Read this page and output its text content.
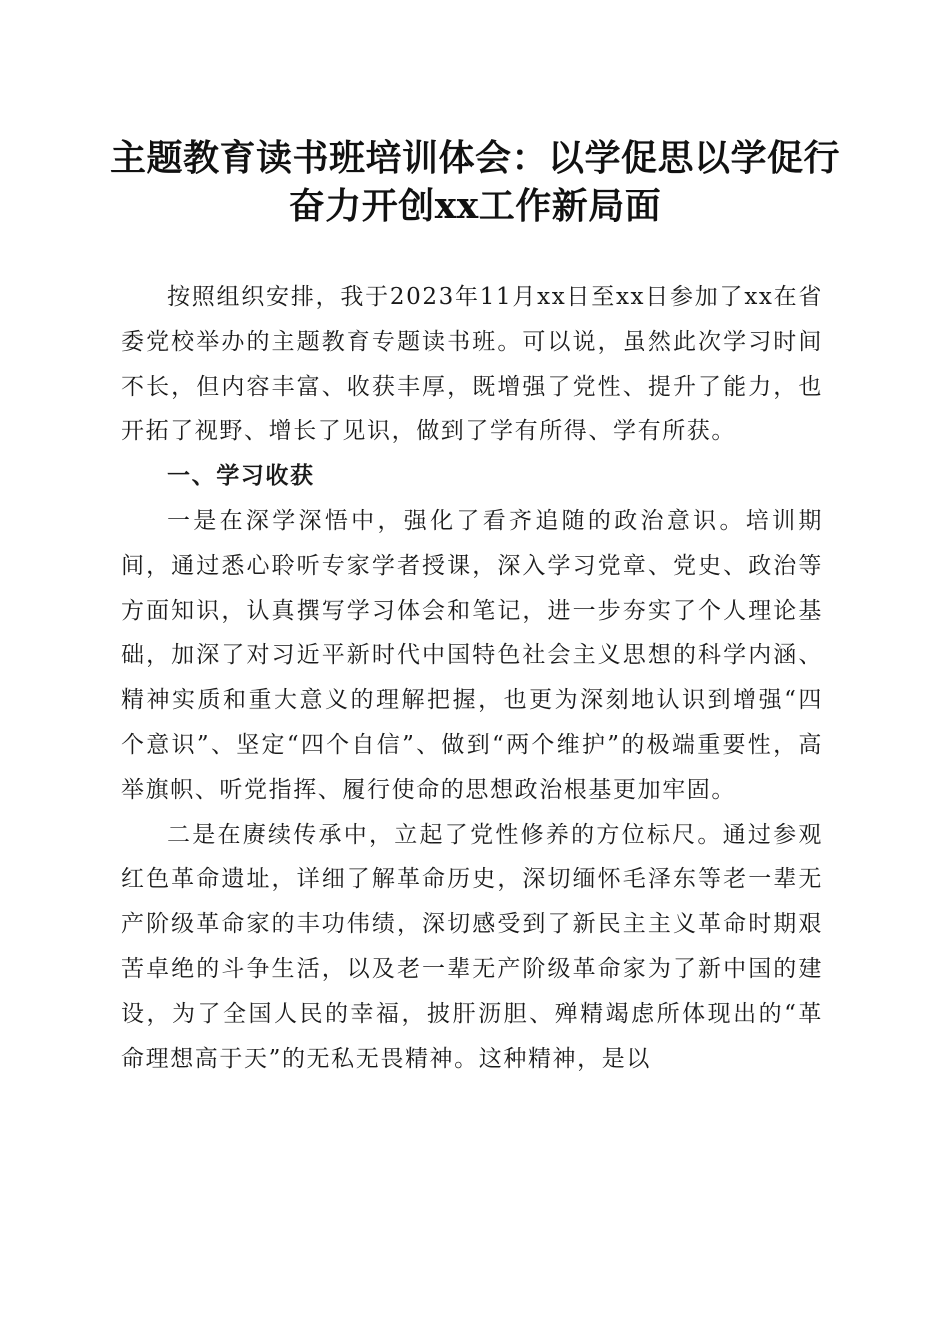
主题教育读书班培训体会：以学促思以学促行
奋力开创xx工作新局面

按照组织安排，我于2023年11月xx日至xx日参加了xx在省委党校举办的主题教育专题读书班。可以说，虽然此次学习时间不长，但内容丰富、收获丰厚，既增强了党性、提升了能力，也开拓了视野、增长了见识，做到了学有所得、学有所获。

一、学习收获

一是在深学深悟中，强化了看齐追随的政治意识。培训期间，通过悉心聆听专家学者授课，深入学习党章、党史、政治等方面知识，认真撰写学习体会和笔记，进一步夯实了个人理论基础，加深了对习近平新时代中国特色社会主义思想的科学内涵、精神实质和重大意义的理解把握，也更为深刻地认识到增强“四个意识”、坚定“四个自信”、做到“两个维护”的极端重要性，高举旗帜、听党指挥、履行使命的思想政治根基更加牢固。

二是在赓续传承中，立起了党性修养的方位标尺。通过参观红色革命遗址，详细了解革命历史，深切缅怀毛泽东等老一辈无产阶级革命家的丰功伟绩，深切感受到了新民主主义革命时期艰苦卓绝的斗争生活，以及老一辈无产阶级革命家为了新中国的建设，为了全国人民的幸福，披肝沥胆、殚精竭虑所体现出的“革命理想高于天”的无私无畏精神。这种精神，是以
